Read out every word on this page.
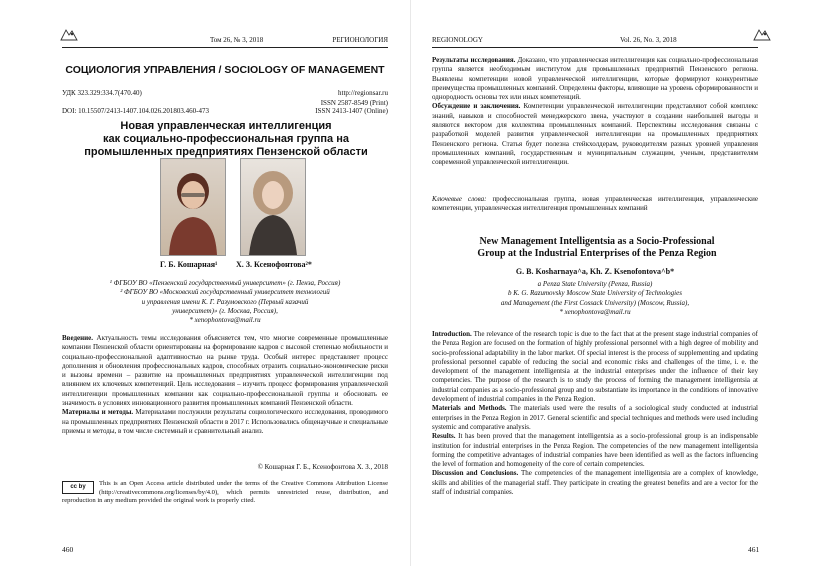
Том 26, № 3, 2018	РЕГИОНОЛОГИЯ
СОЦИОЛОГИЯ УПРАВЛЕНИЯ / SOCIOLOGY OF MANAGEMENT
УДК 323.329:334.7(470.40)	http://regionsar.ru
ISSN 2587-8549 (Print)
DOI: 10.15507/2413-1407.104.026.201803.460-473	ISSN 2413-1407 (Online)
Новая управленческая интеллигенция
как социально-профессиональная группа на
промышленных предприятиях Пензенской области
Г. Б. Кошарная¹ Х. З. Ксенофонтова²*
¹ ФГБОУ ВО «Пензенский государственный университет» (г. Пенза, Россия)
² ФГБОУ ВО «Московский государственный университет технологий
и управления имени К. Г. Разумовского (Первый казачий
университет)» (г. Москва, Россия),
* xenophontova@mail.ru
Введение. Актуальность темы исследования объясняется тем, что многие современные промышленные компании Пензенской области ориентированы на формирование кадров с высокой степенью мобильности и социально-профессиональной адаптивностью на рынке труда. Особый интерес представляет процесс дополнения и обновления профессиональных кадров, способных отразить социально-экономические риски и вызовы времени – развитие на промышленных предприятиях управленческой интеллигенции под влиянием их ключевых компетенций. Цель исследования – изучить процесс формирования управленческой интеллигенции промышленных компании как социально-профессиональной группы и обосновать ее значимость в условиях инновационного развития промышленных компаний Пензенской области.
Материалы и методы. Материалами послужили результаты социологического исследования, проводимого на промышленных предприятиях Пензенской области в 2017 г. Использовались общенаучные и специальные приемы и методы, в том числе системный и сравнительный анализ.
© Кошарная Г. Б., Ксенофонтова Х. З., 2018
cc by
This is an Open Access article distributed under the terms of the Creative Commons Attribution License (http://creativecommons.org/licenses/by/4.0), which permits unrestricted reuse, distribution, and reproduction in any medium provided the original work is properly cited.
460
REGIONOLOGY	Vol. 26, No. 3, 2018
Результаты исследования. Доказано, что управленческая интеллигенция как социально-профессиональная группа является необходимым институтом для промышленных предприятий Пензенского региона. Выявлены компетенции новой управленческой интеллигенции, которые формируют конкурентные преимущества промышленных компаний. Определены факторы, влияющие на уровень сформированности и однородность основы тех или иных компетенций.
Обсуждение и заключения. Компетенции управленческой интеллигенции представляют собой комплекс знаний, навыков и способностей менеджерского звена, участвуют в создании наибольшей выгоды и являются вектором для коллектива промышленных компаний. Перспективы исследования связаны с разработкой моделей развития управленческой интеллигенции на промышленных предприятиях Пензенского региона. Статья будет полезна стейкхолдерам, руководителям разных уровней управления промышленных компаний, государственным и муниципальным служащим, ученым, представителям современной управленческой интеллигенции.
Ключевые слова: профессиональная группа, новая управленческая интеллигенция, управленческие компетенции, управленческая интеллигенция промышленных компаний
New Management Intelligentsia as a Socio-Professional
Group at the Industrial Enterprises of the Penza Region
G. B. Kosharnaya^a, Kh. Z. Ksenofontova^b*
a Penza State University (Penza, Russia)
b K. G. Razumovsky Moscow State University of Technologies
and Management (the First Cossack University) (Moscow, Russia),
* xenophontova@mail.ru
Introduction. The relevance of the research topic is due to the fact that at the present stage industrial companies of the Penza Region are focused on the formation of highly professional personnel with a high degree of mobility and socio-professional adaptability in the labor market. Of special interest is the process of supplementing and updating professional personnel capable of reducing the social and economic risks and challenges of the time, i. e. the development of the management intelligentsia at the industrial enterprises under the influence of their key competencies. The purpose of the research is to study the process of forming the management intelligentsia at industrial companies as a socio-professional group and to substantiate its importance in the conditions of innovative development of industrial companies in the Penza Region.
Materials and Methods. The materials used were the results of a sociological study conducted at industrial enterprises in the Penza Region in 2017. General scientific and special techniques and methods were used including systemic and comparative analysis.
Results. It has been proved that the management intelligentsia as a socio-professional group is an indispensable institution for industrial enterprises in the Penza Region. The competencies of the new management intelligentsia forming the competitive advantages of industrial companies have been identified as well as the factors influencing the level of formation and homogeneity of the core of certain competencies.
Discussion and Conclusions. The competencies of the management intelligentsia are a complex of knowledge, skills and abilities of the managerial staff. They participate in creating the greatest benefits and are a vector for the staff of industrial companies.
461
